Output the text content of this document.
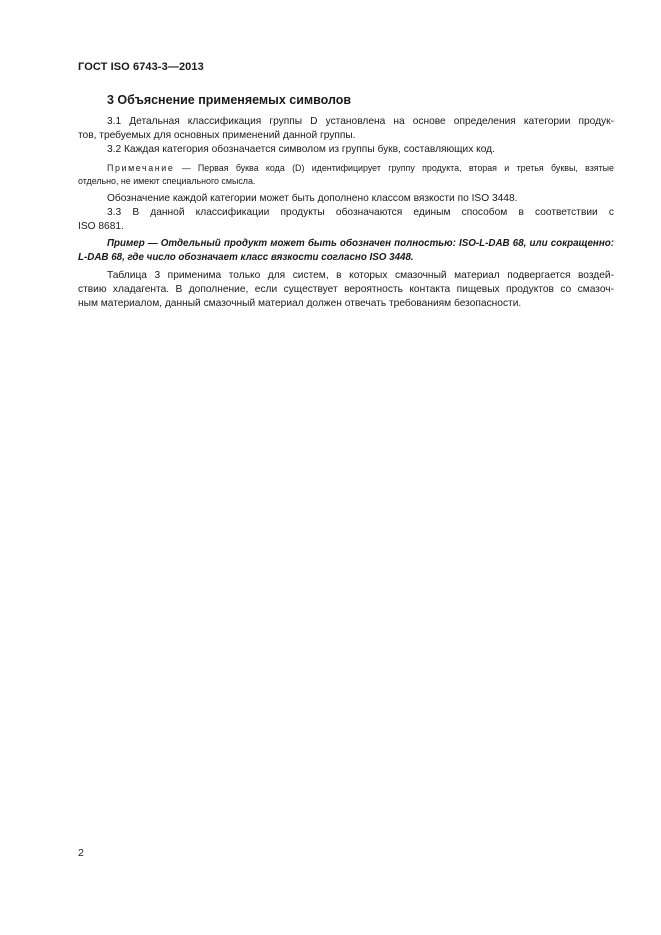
ГОСТ ISO 6743-3—2013
3 Объяснение применяемых символов
3.1 Детальная классификация группы D установлена на основе определения категории продук-
тов, требуемых для основных применений данной группы.
3.2 Каждая категория обозначается символом из группы букв, составляющих код.
Примечание — Первая буква кода (D) идентифицирует группу продукта, вторая и третья буквы, взятые
отдельно, не имеют специального смысла.
Обозначение каждой категории может быть дополнено классом вязкости по ISO 3448.
3.3 В данной классификации продукты обозначаются единым способом в соответствии с
ISO 8681.
Пример — Отдельный продукт может быть обозначен полностью: ISO-L-DAB 68, или сокращенно:
L-DAB 68, где число обозначает класс вязкости согласно ISO 3448.
Таблица 3 применима только для систем, в которых смазочный материал подвергается воздей-
ствию хладагента. В дополнение, если существует вероятность контакта пищевых продуктов со смазоч-
ным материалом, данный смазочный материал должен отвечать требованиям безопасности.
2
